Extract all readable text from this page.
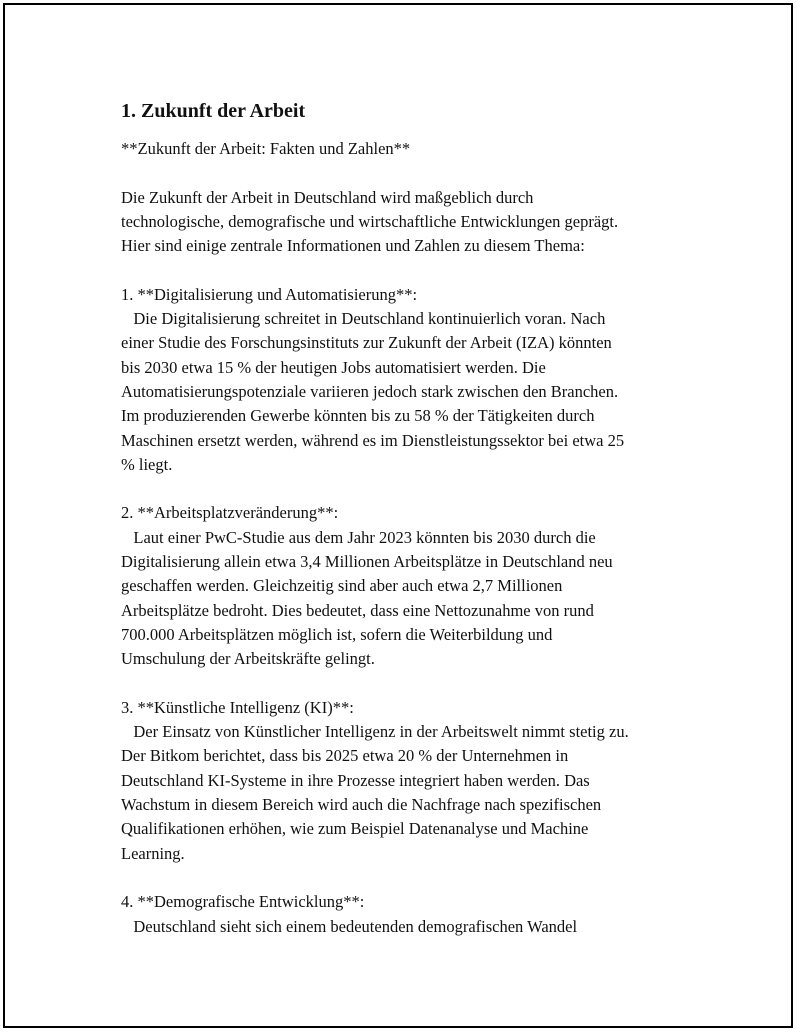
1. Zukunft der Arbeit

**Zukunft der Arbeit: Fakten und Zahlen**

Die Zukunft der Arbeit in Deutschland wird maßgeblich durch

technologische, demografische und wirtschaftliche Entwicklungen geprägt.

Hier sind einige zentrale Informationen und Zahlen zu diesem Thema:

1. **Digitalisierung und Automatisierung**:

Die Digitalisierung schreitet in Deutschland kontinuierlich voran. Nach

einer Studie des Forschungsinstituts zur Zukunft der Arbeit (IZA) könnten

bis 2030 etwa 15 % der heutigen Jobs automatisiert werden. Die

Automatisierungspotenziale variieren jedoch stark zwischen den Branchen.

Im produzierenden Gewerbe könnten bis zu 58 % der Tätigkeiten durch

Maschinen ersetzt werden, während es im Dienstleistungssektor bei etwa 25

% liegt.

2. **Arbeitsplatzveränderung**:

Laut einer PwC-Studie aus dem Jahr 2023 könnten bis 2030 durch die

Digitalisierung allein etwa 3,4 Millionen Arbeitsplätze in Deutschland neu

geschaffen werden. Gleichzeitig sind aber auch etwa 2,7 Millionen

Arbeitsplätze bedroht. Dies bedeutet, dass eine Nettozunahme von rund

700.000 Arbeitsplätzen möglich ist, sofern die Weiterbildung und

Umschulung der Arbeitskräfte gelingt.

3. **Künstliche Intelligenz (KI)**:

Der Einsatz von Künstlicher Intelligenz in der Arbeitswelt nimmt stetig zu.

Der Bitkom berichtet, dass bis 2025 etwa 20 % der Unternehmen in

Deutschland KI-Systeme in ihre Prozesse integriert haben werden. Das

Wachstum in diesem Bereich wird auch die Nachfrage nach spezifischen

Qualifikationen erhöhen, wie zum Beispiel Datenanalyse und Machine

Learning.

4. **Demografische Entwicklung**:

Deutschland sieht sich einem bedeutenden demografischen Wandel
